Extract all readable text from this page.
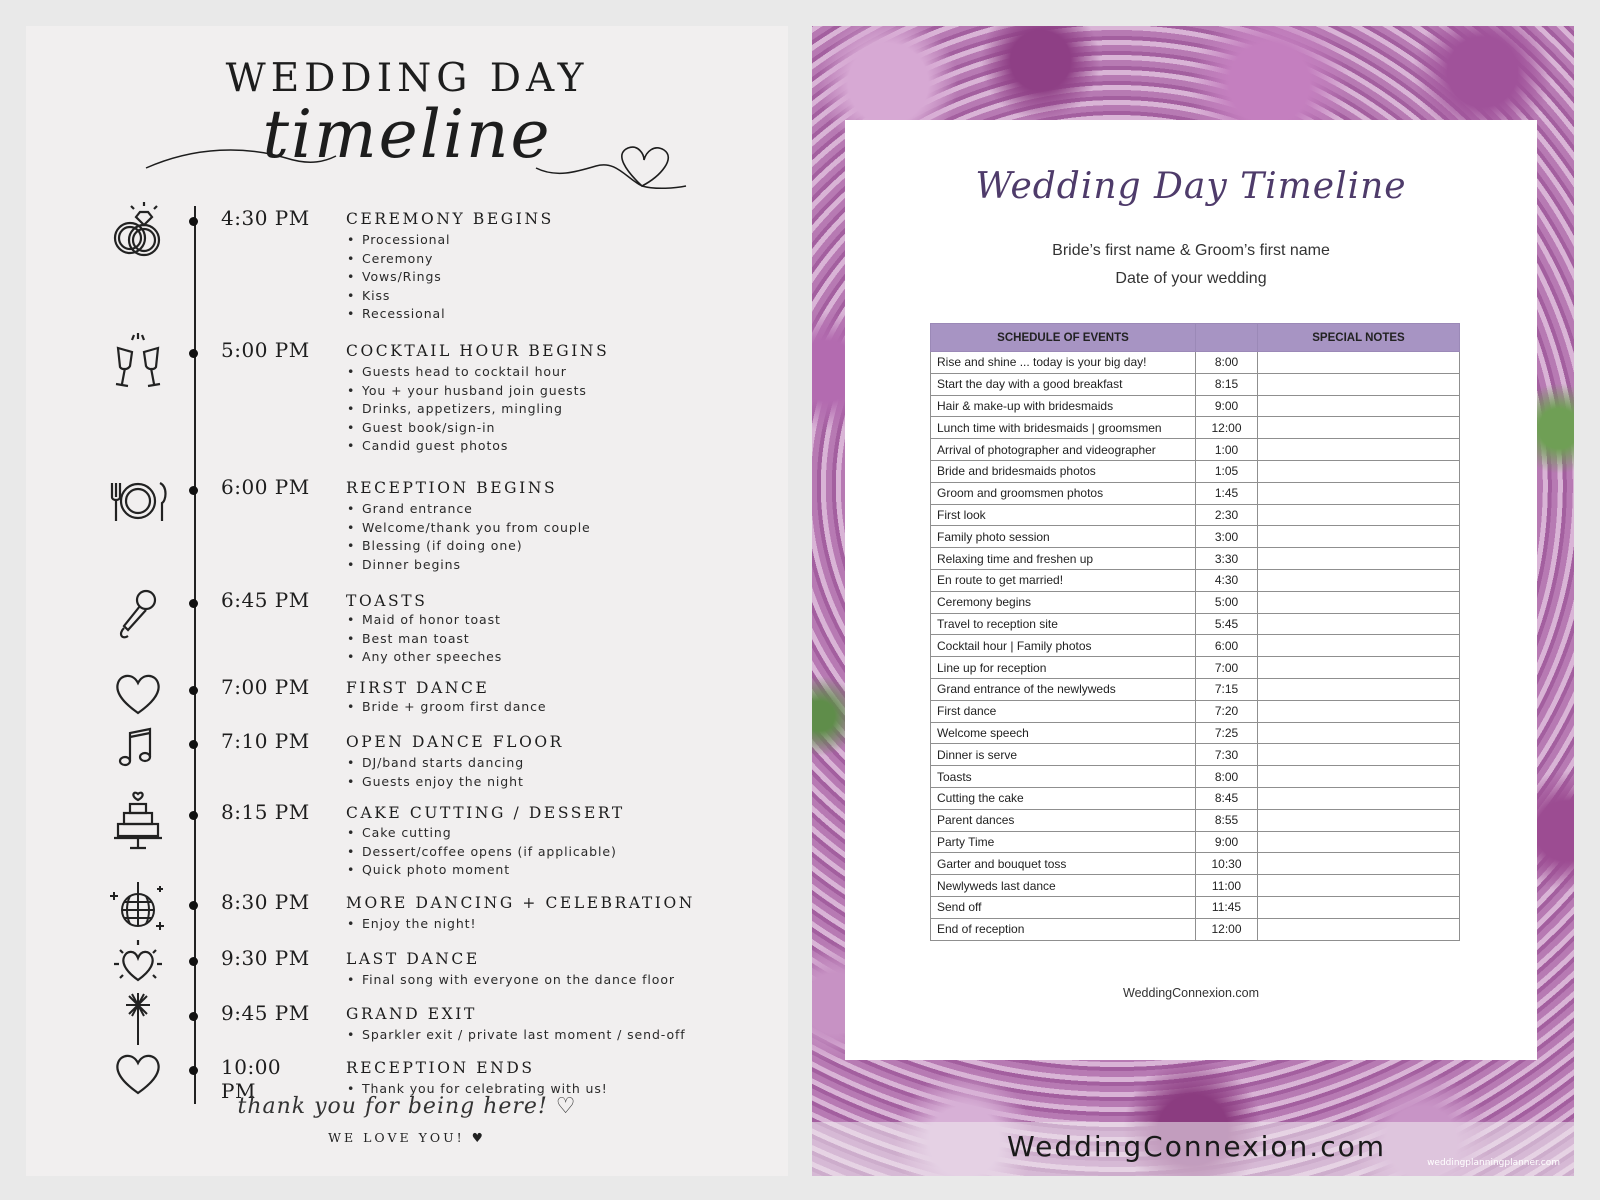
WEDDING DAY
timeline
4:30 PM	CEREMONY BEGINS
• Processional
• Ceremony
• Vows/Rings
• Kiss
• Recessional
5:00 PM	COCKTAIL HOUR BEGINS
• Guests head to cocktail hour
• You + your husband join guests
• Drinks, appetizers, mingling
• Guest book/sign-in
• Candid guest photos
6:00 PM	RECEPTION BEGINS
• Grand entrance
• Welcome/thank you from couple
• Blessing (if doing one)
• Dinner begins
6:45 PM	TOASTS
• Maid of honor toast
• Best man toast
• Any other speeches
7:00 PM	FIRST DANCE
• Bride + groom first dance
7:10 PM	OPEN DANCE FLOOR
• DJ/band starts dancing
• Guests enjoy the night
8:15 PM	CAKE CUTTING / DESSERT
• Cake cutting
• Dessert/coffee opens (if applicable)
• Quick photo moment
8:30 PM	MORE DANCING + CELEBRATION
• Enjoy the night!
9:30 PM	LAST DANCE
• Final song with everyone on the dance floor
9:45 PM	GRAND EXIT
• Sparkler exit / private last moment / send-off
10:00 PM
RECEPTION ENDS
• Thank you for celebrating with us!
thank you for being here! ♡
WE LOVE YOU! ♥
Wedding Day Timeline
Bride’s first name & Groom’s first name
Date of your wedding
SCHEDULE OF EVENTS		SPECIAL NOTES
Rise and shine ... today is your big day!	8:00	
Start the day with a good breakfast	8:15	
Hair & make-up with bridesmaids	9:00	
Lunch time with bridesmaids | groomsmen	12:00	
Arrival of photographer and videographer	1:00	
Bride and bridesmaids photos	1:05	
Groom and groomsmen photos	1:45	
First look	2:30	
Family photo session	3:00	
Relaxing time and freshen up	3:30	
En route to get married!	4:30	
Ceremony begins	5:00	
Travel to reception site	5:45	
Cocktail hour | Family photos	6:00	
Line up for reception	7:00	
Grand entrance of the newlyweds	7:15	
First dance	7:20	
Welcome speech	7:25	
Dinner is serve	7:30	
Toasts	8:00	
Cutting the cake	8:45	
Parent dances	8:55	
Party Time	9:00	
Garter and bouquet toss	10:30	
Newlyweds last dance	11:00	
Send off	11:45	
End of reception	12:00	
WeddingConnexion.com
WeddingConnexion.com	weddingplanningplanner.com
